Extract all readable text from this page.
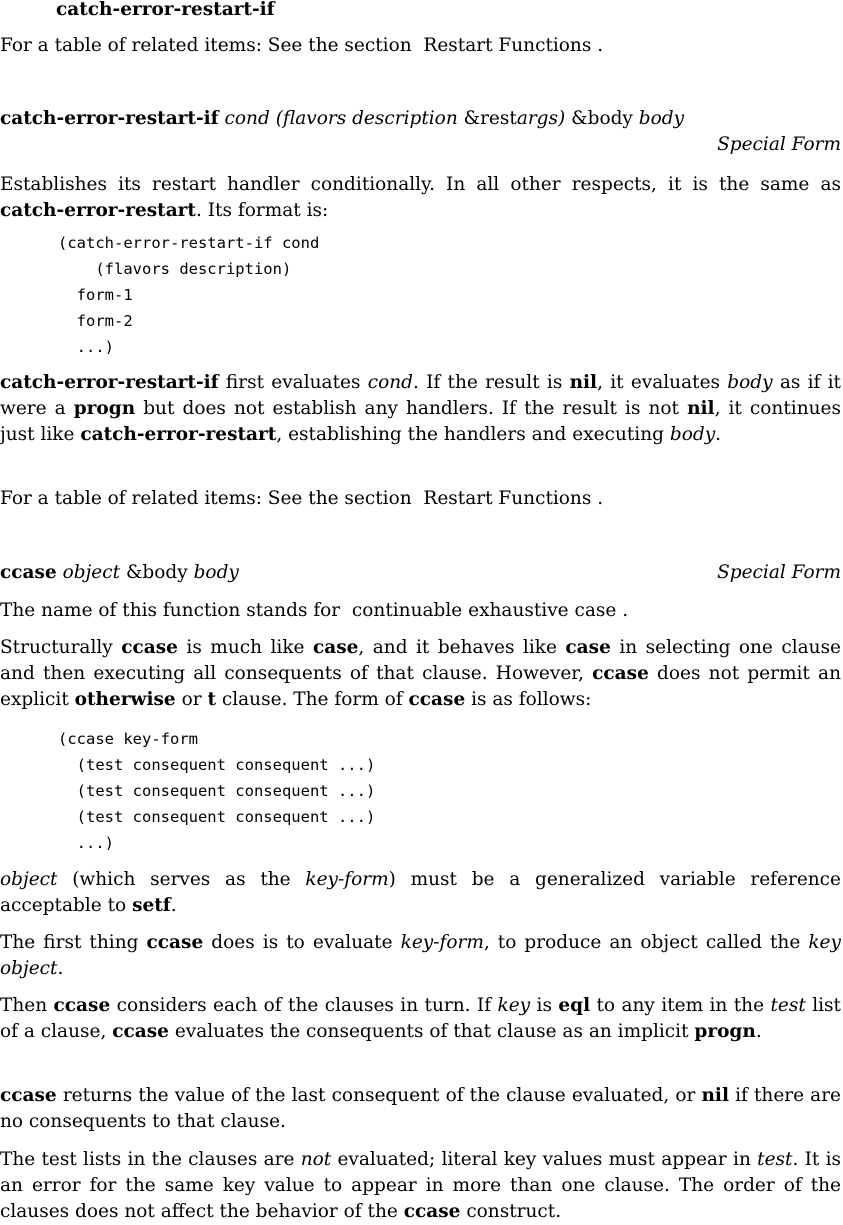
catch-error-restart-if

For a table of related items: See the section Restart Functions .

catch-error-restart-if cond (flavors description &restargs) &body body
Special Form

Establishes its restart handler conditionally. In all other respects, it is the same as catch-error-restart. Its format is:

(catch-error-restart-if cond
(flavors description)
form-1
form-2
...)

catch-error-restart-if first evaluates cond. If the result is nil, it evaluates body as if it were a progn but does not establish any handlers. If the result is not nil, it continues just like catch-error-restart, establishing the handlers and executing body.

For a table of related items: See the section Restart Functions .

ccase object &body body	Special Form

The name of this function stands for continuable exhaustive case .

Structurally ccase is much like case, and it behaves like case in selecting one clause and then executing all consequents of that clause. However, ccase does not permit an explicit otherwise or t clause. The form of ccase is as follows:

(ccase key-form
(test consequent consequent ...)
(test consequent consequent ...)
(test consequent consequent ...)
...)

object (which serves as the key-form) must be a generalized variable reference acceptable to setf.

The first thing ccase does is to evaluate key-form, to produce an object called the key object.

Then ccase considers each of the clauses in turn. If key is eql to any item in the test list of a clause, ccase evaluates the consequents of that clause as an implicit progn.

ccase returns the value of the last consequent of the clause evaluated, or nil if there are no consequents to that clause.

The test lists in the clauses are not evaluated; literal key values must appear in test. It is an error for the same key value to appear in more than one clause. The order of the clauses does not affect the behavior of the ccase construct.
